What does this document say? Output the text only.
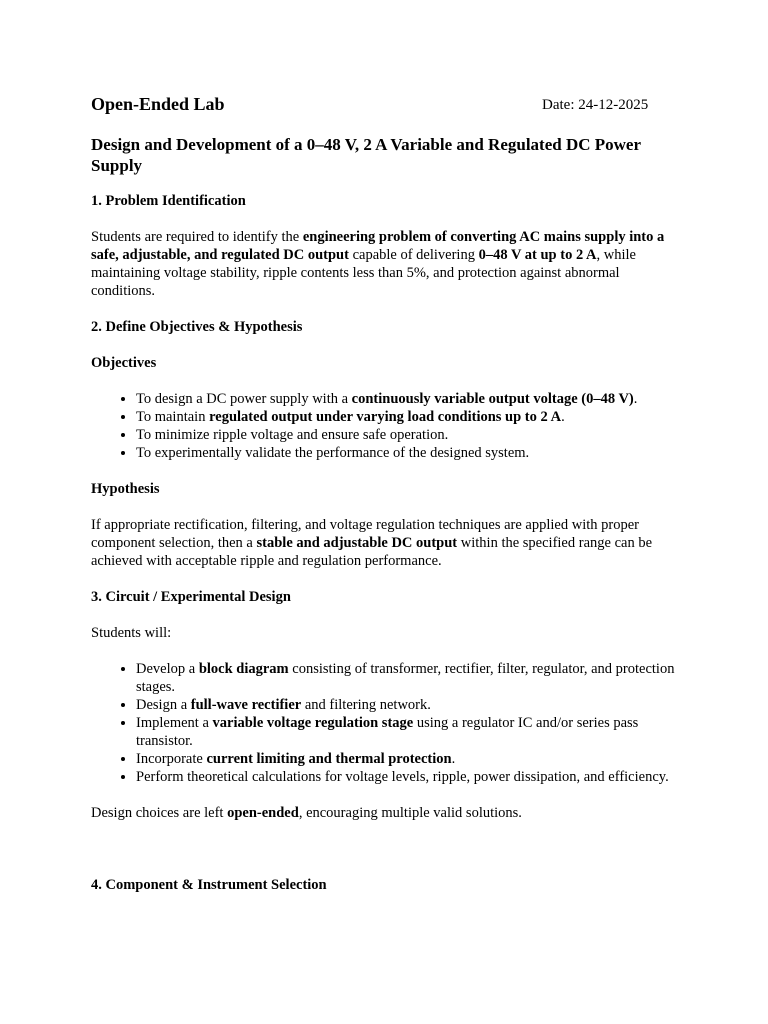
Open-Ended Lab	Date: 24-12-2025
Design and Development of a 0–48 V, 2 A Variable and Regulated DC Power Supply
1. Problem Identification

Students are required to identify the engineering problem of converting AC mains supply into a safe, adjustable, and regulated DC output capable of delivering 0–48 V at up to 2 A, while maintaining voltage stability, ripple contents less than 5%, and protection against abnormal conditions.

2. Define Objectives & Hypothesis
Objectives
• To design a DC power supply with a continuously variable output voltage (0–48 V).
• To maintain regulated output under varying load conditions up to 2 A.
• To minimize ripple voltage and ensure safe operation.
• To experimentally validate the performance of the designed system.
Hypothesis

If appropriate rectification, filtering, and voltage regulation techniques are applied with proper component selection, then a stable and adjustable DC output within the specified range can be achieved with acceptable ripple and regulation performance.

3. Circuit / Experimental Design

Students will:

• Develop a block diagram consisting of transformer, rectifier, filter, regulator, and protection stages.
• Design a full-wave rectifier and filtering network.
• Implement a variable voltage regulation stage using a regulator IC and/or series pass transistor.
• Incorporate current limiting and thermal protection.
• Perform theoretical calculations for voltage levels, ripple, power dissipation, and efficiency.

Design choices are left open-ended, encouraging multiple valid solutions.

4. Component & Instrument Selection
